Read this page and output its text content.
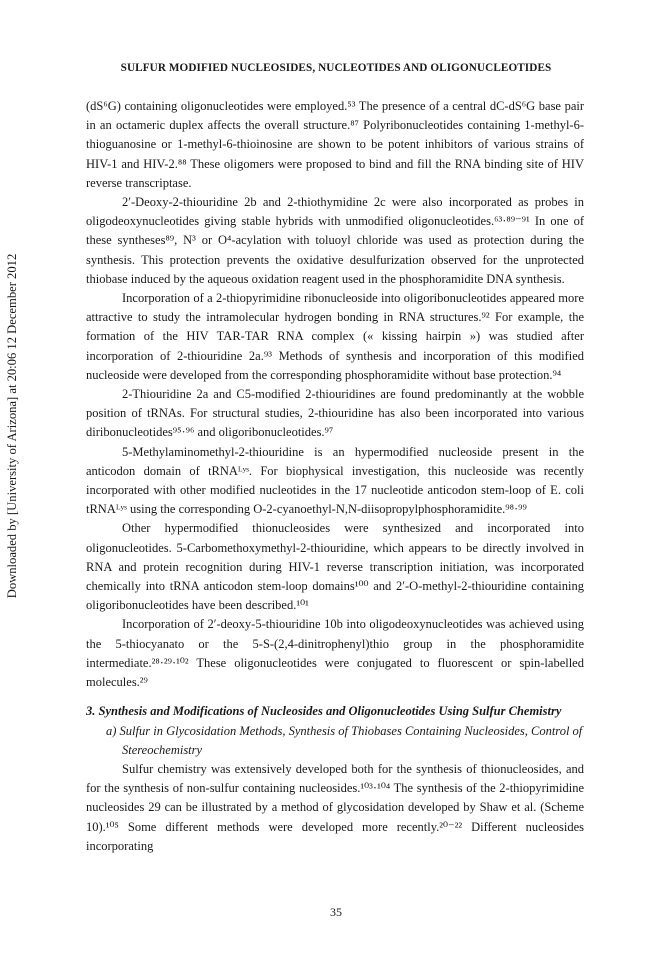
SULFUR MODIFIED NUCLEOSIDES, NUCLEOTIDES AND OLIGONUCLEOTIDES
Downloaded by [University of Arizona] at 20:06 12 December 2012

(dS⁶G) containing oligonucleotides were employed.⁵³ The presence of a central dC-dS⁶G base pair in an octameric duplex affects the overall structure.⁸⁷ Polyribonucleotides containing 1-methyl-6-thioguanosine or 1-methyl-6-thioinosine are shown to be potent inhibitors of various strains of HIV-1 and HIV-2.⁸⁸ These oligomers were proposed to bind and fill the RNA binding site of HIV reverse transcriptase.

2′-Deoxy-2-thiouridine 2b and 2-thiothymidine 2c were also incorporated as probes in oligodeoxynucleotides giving stable hybrids with unmodified oligonucleotides.⁶³·⁸⁹⁻⁹¹ In one of these syntheses⁸⁹, N³ or O⁴-acylation with toluoyl chloride was used as protection during the synthesis. This protection prevents the oxidative desulfurization observed for the unprotected thiobase induced by the aqueous oxidation reagent used in the phosphoramidite DNA synthesis.

Incorporation of a 2-thiopyrimidine ribonucleoside into oligoribonucleotides appeared more attractive to study the intramolecular hydrogen bonding in RNA structures.⁹² For example, the formation of the HIV TAR-TAR RNA complex (« kissing hairpin ») was studied after incorporation of 2-thiouridine 2a.⁹³ Methods of synthesis and incorporation of this modified nucleoside were developed from the corresponding phosphoramidite without base protection.⁹⁴

2-Thiouridine 2a and C5-modified 2-thiouridines are found predominantly at the wobble position of tRNAs. For structural studies, 2-thiouridine has also been incorporated into various diribonucleotides⁹⁵·⁹⁶ and oligoribonucleotides.⁹⁷

5-Methylaminomethyl-2-thiouridine is an hypermodified nucleoside present in the anticodon domain of tRNAᴸʸˢ. For biophysical investigation, this nucleoside was recently incorporated with other modified nucleotides in the 17 nucleotide anticodon stem-loop of E. coli tRNAᴸʸˢ using the corresponding O-2-cyanoethyl-N,N-diisopropylphosphoramidite.⁹⁸·⁹⁹

Other hypermodified thionucleosides were synthesized and incorporated into oligonucleotides. 5-Carbomethoxymethyl-2-thiouridine, which appears to be directly involved in RNA and protein recognition during HIV-1 reverse transcription initiation, was incorporated chemically into tRNA anticodon stem-loop domains¹⁰⁰ and 2′-O-methyl-2-thiouridine containing oligoribonucleotides have been described.¹⁰¹

Incorporation of 2′-deoxy-5-thiouridine 10b into oligodeoxynucleotides was achieved using the 5-thiocyanato or the 5-S-(2,4-dinitrophenyl)thio group in the phosphoramidite intermediate.²⁸·²⁹·¹⁰² These oligonucleotides were conjugated to fluorescent or spin-labelled molecules.²⁹

3. Synthesis and Modifications of Nucleosides and Oligonucleotides Using Sulfur Chemistry

a) Sulfur in Glycosidation Methods, Synthesis of Thiobases Containing Nucleosides, Control of

Stereochemistry

Sulfur chemistry was extensively developed both for the synthesis of thionucleosides, and for the synthesis of non-sulfur containing nucleosides.¹⁰³·¹⁰⁴ The synthesis of the 2-thiopyrimidine nucleosides 29 can be illustrated by a method of glycosidation developed by Shaw et al. (Scheme 10).¹⁰⁵ Some different methods were developed more recently.²⁰⁻²² Different nucleosides incorporating

35
